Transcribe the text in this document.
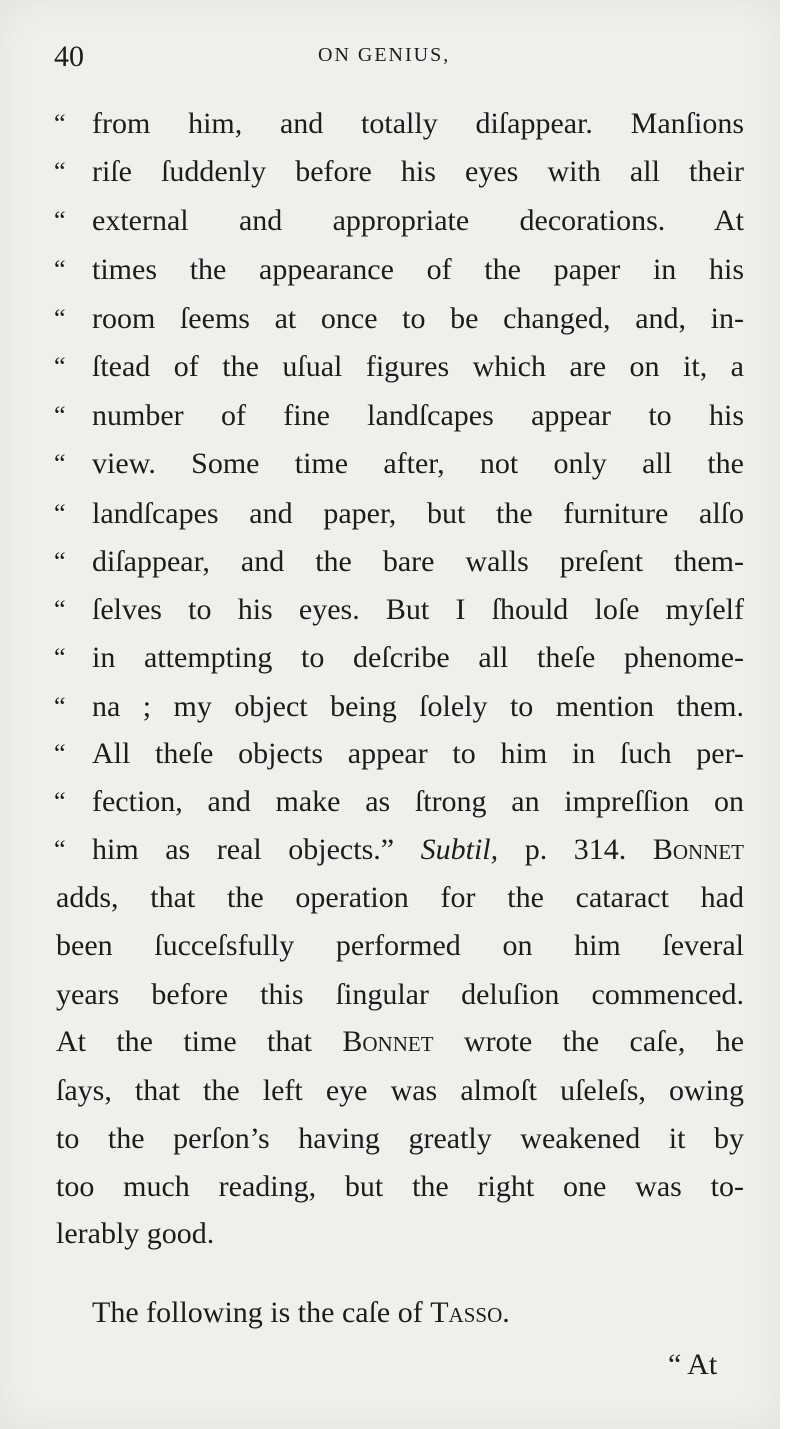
40	ON GENIUS,
“ from him, and totally diſappear. Manſions
“ riſe ſuddenly before his eyes with all their
“ external and appropriate decorations. At
“ times the appearance of the paper in his
“ room ſeems at once to be changed, and, in-
“ ſtead of the uſual figures which are on it, a
“ number of fine landſcapes appear to his
“ view. Some time after, not only all the
“ landſcapes and paper, but the furniture alſo
“ diſappear, and the bare walls preſent them-
“ ſelves to his eyes. But I ſhould loſe myſelf
“ in attempting to deſcribe all theſe phenome-
“ na ; my object being ſolely to mention them.
“ All theſe objects appear to him in ſuch per-
“ fection, and make as ſtrong an impreſſion on
“ him as real objects.” Subtil, p. 314. Bonnet
adds, that the operation for the cataract had
been ſucceſsfully performed on him ſeveral
years before this ſingular deluſion commenced.
At the time that Bonnet wrote the caſe, he
ſays, that the left eye was almoſt uſeleſs, owing
to the perſon’s having greatly weakened it by
too much reading, but the right one was to-
lerably good.
The following is the caſe of Tasso.
“ At
